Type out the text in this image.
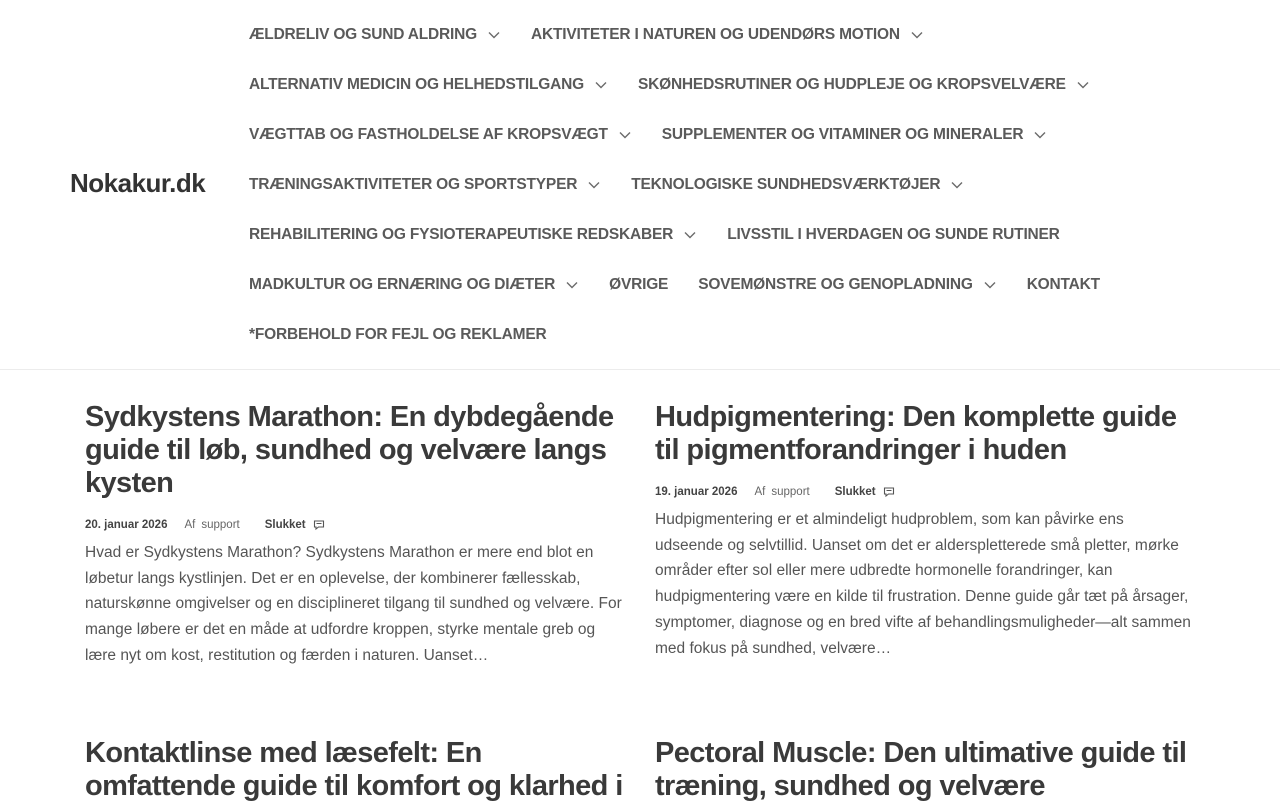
Nokakur.dk
ÆLDRELIV OG SUND ALDRING	AKTIVITETER I NATUREN OG UDENDØRS MOTION
ALTERNATIV MEDICIN OG HELHEDSTILGANG	SKØNHEDSRUTINER OG HUDPLEJE OG KROPSVELVÆRE
VÆGTTAB OG FASTHOLDELSE AF KROPSVÆGT	SUPPLEMENTER OG VITAMINER OG MINERALER
TRÆNINGSAKTIVITETER OG SPORTSTYPER	TEKNOLOGISKE SUNDHEDSVÆRKTØJER
REHABILITERING OG FYSIOTERAPEUTISKE REDSKABER	LIVSSTIL I HVERDAGEN OG SUNDE RUTINER
MADKULTUR OG ERNÆRING OG DIÆTER	ØVRIGE SOVEMØNSTRE OG GENOPLADNING	KONTAKT
*FORBEHOLD FOR FEJL OG REKLAMER
Sydkystens Marathon: En dybdegående guide til løb, sundhed og velvære langs kysten
20. januar 2026 Af support Slukket

Hvad er Sydkystens Marathon? Sydkystens Marathon er mere end blot en løbetur langs kystlinjen. Det er en oplevelse, der kombinerer fællesskab, naturskønne omgivelser og en disciplineret tilgang til sundhed og velvære. For mange løbere er det en måde at udfordre kroppen, styrke mentale greb og lære nyt om kost, restitution og færden i naturen. Uanset…

Hudpigmentering: Den komplette guide til pigmentforandringer i huden
19. januar 2026 Af support Slukket

Hudpigmentering er et almindeligt hudproblem, som kan påvirke ens udseende og selvtillid. Uanset om det er alderspletterede små pletter, mørke områder efter sol eller mere udbredte hormonelle forandringer, kan hudpigmentering være en kilde til frustration. Denne guide går tæt på årsager, symptomer, diagnose og en bred vifte af behandlingsmuligheder—alt sammen med fokus på sundhed, velvære…

Kontaktlinse med læsefelt: En omfattende guide til komfort og klarhed i
Pectoral Muscle: Den ultimative guide til træning, sundhed og velvære
